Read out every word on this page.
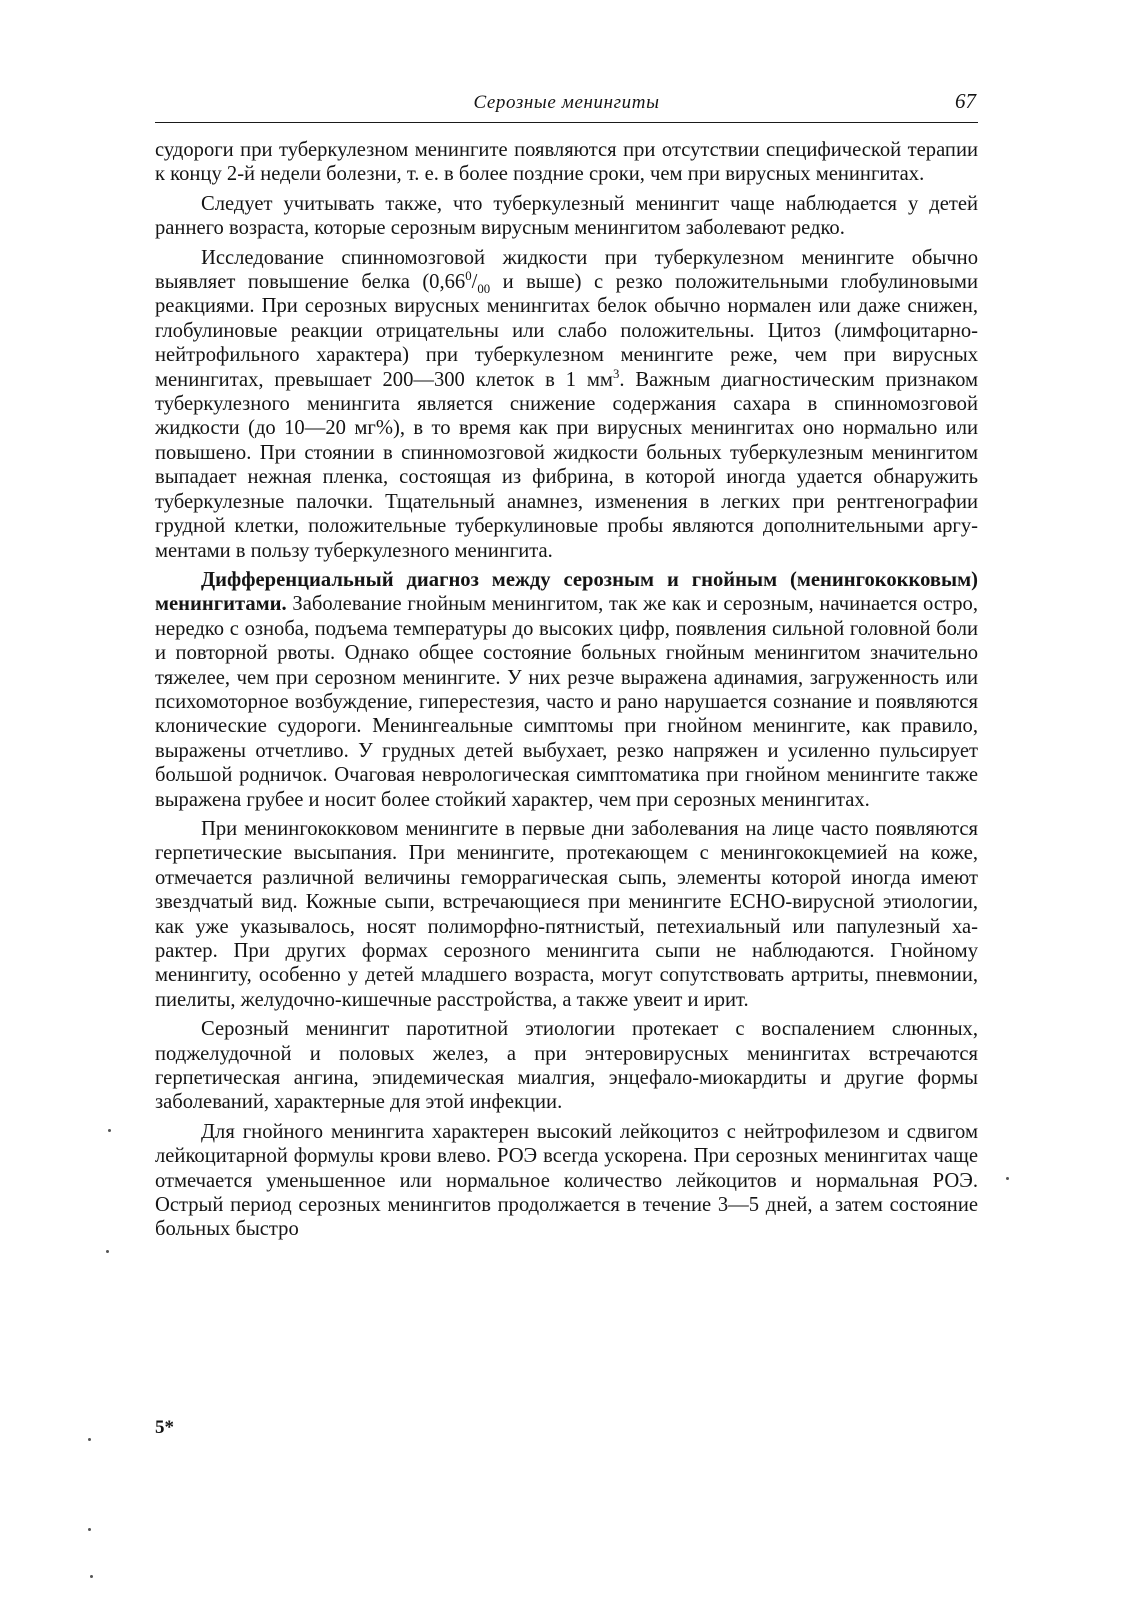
Серозные менингиты	67

судороги при туберкулезном менингите появляются при отсутствии специфической терапии к концу 2-й недели болезни, т. е. в более поздние сроки, чем при вирусных менингитах.

Следует учитывать также, что туберкулезный менингит чаще наблюдается у детей раннего возраста, которые серозным вирусным менингитом заболевают редко.

Исследование спинномозговой жидкости при туберкулезном менингите обычно выявляет повышение белка ($0,66^0/_{00}$ и выше) с резко положительными глобулиновыми реакциями. При серозных вирусных менингитах белок обычно нормален или даже снижен, глобулиновые реакции отрицательны или слабо положительны. Цитоз (лимфоцитарно-нейтрофильного характера) при туберкулезном менингите реже, чем при вирусных менингитах, превышает 200—300 клеток в 1 $мм^3$. Важным диагностическим признаком туберкулезного менингита является снижение содержания сахара в спинномозговой жидкости (до 10—20 мг%), в то время как при вирусных менингитах оно нормально или повышено. При стоянии в спинномозговой жидкости больных туберкулезным менингитом выпадает нежная пленка, состоящая из фибрина, в которой иногда удается обнаружить туберкулезные палочки. Тщательный анамнез, изменения в легких при рентгенографии грудной клетки, положительные туберкулиновые пробы являются дополнительными аргументами в пользу туберкулезного менингита.

Дифференциальный диагноз между серозным и гнойным (менингококковым) менингитами. Заболевание гнойным менингитом, так же как и серозным, начинается остро, нередко с озноба, подъема температуры до высоких цифр, появления сильной головной боли и повторной рвоты. Однако общее состояние больных гнойным менингитом значительно тяжелее, чем при серозном менингите. У них резче выражена адинамия, загруженность или психомоторное возбуждение, гиперестезия, часто и рано нарушается сознание и появляются клонические судороги. Менингеальные симптомы при гнойном менингите, как правило, выражены отчетливо. У грудных детей выбухает, резко напряжен и усиленно пульсирует большой родничок. Очаговая неврологическая симптоматика при гнойном менингите также выражена грубее и носит более стойкий характер, чем при серозных менингитах.

При менингококковом менингите в первые дни заболевания на лице часто появляются герпетические высыпания. При менингите, протекающем с менингококцемией на коже, отмечается различной величины геморрагическая сыпь, элементы которой иногда имеют звездчатый вид. Кожные сыпи, встречающиеся при менингите ЕСНО-вирусной этиологии, как уже указывалось, носят полиморфно-пятнистый, петехиальный или папулезный характер. При других формах серозного менингита сыпи не наблюдаются. Гнойному менингиту, особенно у детей младшего возраста, могут сопутствовать артриты, пневмонии, пиелиты, желудочно-кишечные расстройства, а также увеит и ирит.

Серозный менингит паротитной этиологии протекает с воспалением слюнных, поджелудочной и половых желез, а при энтеровирусных менингитах встречаются герпетическая ангина, эпидемическая миалгия, энцефало-миокардиты и другие формы заболеваний, характерные для этой инфекции.

Для гнойного менингита характерен высокий лейкоцитоз с нейтрофилезом и сдвигом лейкоцитарной формулы крови влево. РОЭ всегда ускорена. При серозных менингитах чаще отмечается уменьшенное или нормальное количество лейкоцитов и нормальная РОЭ. Острый период серозных менингитов продолжается в течение 3—5 дней, а затем состояние больных быстро

5*
